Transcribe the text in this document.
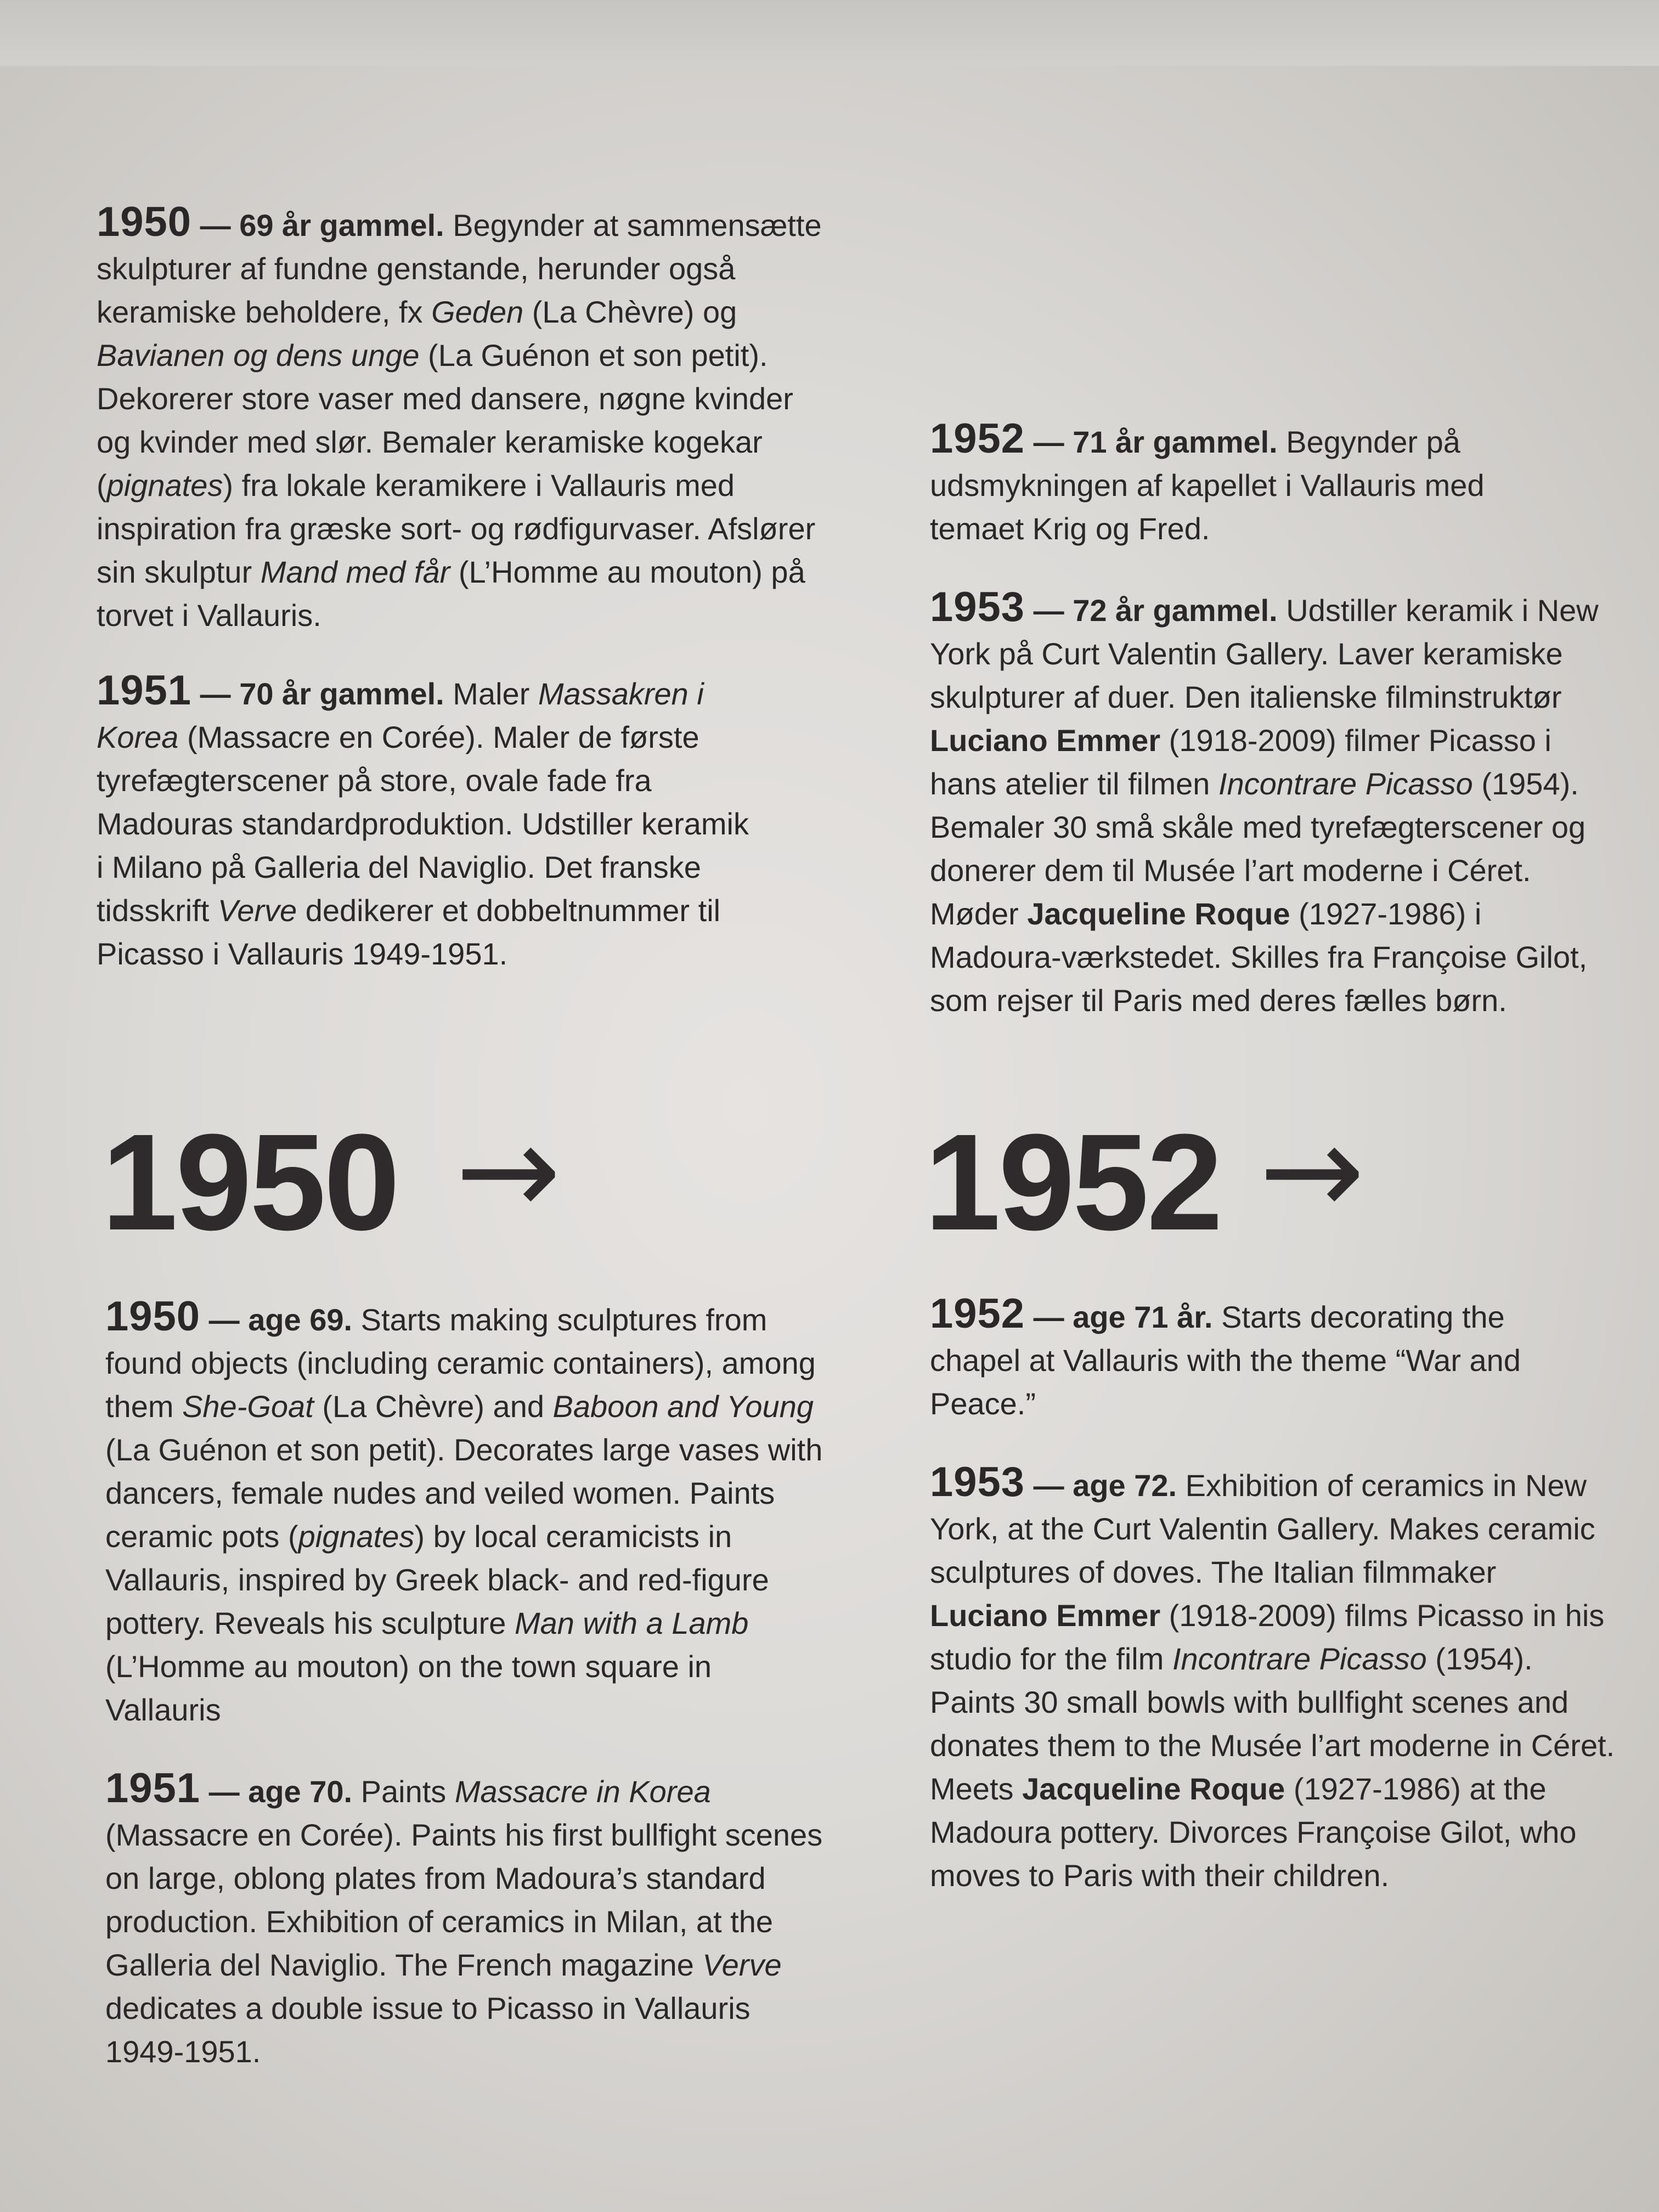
1950 — 69 år gammel. Begynder at sammensætte skulpturer af fundne genstande, herunder også keramiske beholdere, fx Geden (La Chèvre) og Bavianen og dens unge (La Guénon et son petit). Dekorerer store vaser med dansere, nøgne kvinder og kvinder med slør. Bemaler keramiske kogekar (pignates) fra lokale keramikere i Vallauris med inspiration fra græske sort- og rødfigurvaser. Afslører sin skulptur Mand med får (L’Homme au mouton) på torvet i Vallauris.

1951 — 70 år gammel. Maler Massakren i Korea (Massacre en Corée). Maler de første tyrefægterscener på store, ovale fade fra Madouras standardproduktion. Udstiller keramik i Milano på Galleria del Naviglio. Det franske tidsskrift Verve dedikerer et dobbeltnummer til Picasso i Vallauris 1949-1951.

1952 — 71 år gammel. Begynder på udsmykningen af kapellet i Vallauris med temaet Krig og Fred.

1953 — 72 år gammel. Udstiller keramik i New York på Curt Valentin Gallery. Laver keramiske skulpturer af duer. Den italienske filminstruktør Luciano Emmer (1918-2009) filmer Picasso i hans atelier til filmen Incontrare Picasso (1954). Bemaler 30 små skåle med tyrefægterscener og donerer dem til Musée l’art moderne i Céret. Møder Jacqueline Roque (1927-1986) i Madoura-værkstedet. Skilles fra Françoise Gilot, som rejser til Paris med deres fælles børn.

1950 →	1952 →

1950 — age 69. Starts making sculptures from found objects (including ceramic containers), among them She-Goat (La Chèvre) and Baboon and Young (La Guénon et son petit). Decorates large vases with dancers, female nudes and veiled women. Paints ceramic pots (pignates) by local ceramicists in Vallauris, inspired by Greek black- and red-figure pottery. Reveals his sculpture Man with a Lamb (L’Homme au mouton) on the town square in Vallauris

1951 — age 70. Paints Massacre in Korea (Massacre en Corée). Paints his first bullfight scenes on large, oblong plates from Madoura’s standard production. Exhibition of ceramics in Milan, at the Galleria del Naviglio. The French magazine Verve dedicates a double issue to Picasso in Vallauris 1949-1951.

1952 — age 71 år. Starts decorating the chapel at Vallauris with the theme “War and Peace.”

1953 — age 72. Exhibition of ceramics in New York, at the Curt Valentin Gallery. Makes ceramic sculptures of doves. The Italian filmmaker Luciano Emmer (1918-2009) films Picasso in his studio for the film Incontrare Picasso (1954). Paints 30 small bowls with bullfight scenes and donates them to the Musée l’art moderne in Céret. Meets Jacqueline Roque (1927-1986) at the Madoura pottery. Divorces Françoise Gilot, who moves to Paris with their children.
